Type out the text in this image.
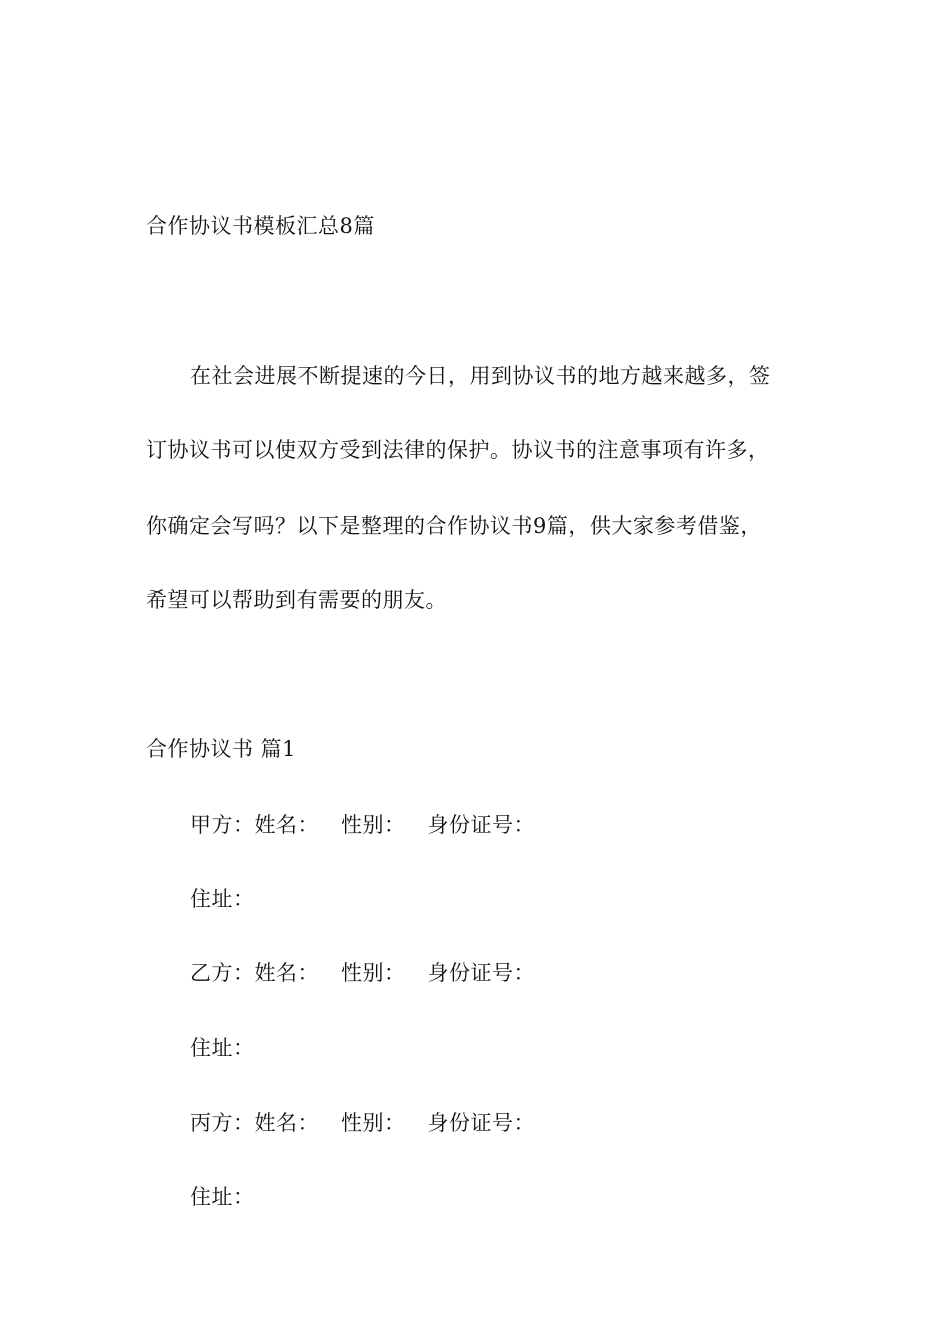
合作协议书模板汇总8篇
在社会进展不断提速的今日，用到协议书的地方越来越多，签
订协议书可以使双方受到法律的保护。协议书的注意事项有许多，
你确定会写吗？以下是整理的合作协议书9篇，供大家参考借鉴，
希望可以帮助到有需要的朋友。
合作协议书 篇1
甲方：姓名： 性别： 身份证号：
住址：
乙方：姓名： 性别： 身份证号：
住址：
丙方：姓名： 性别： 身份证号：
住址：
